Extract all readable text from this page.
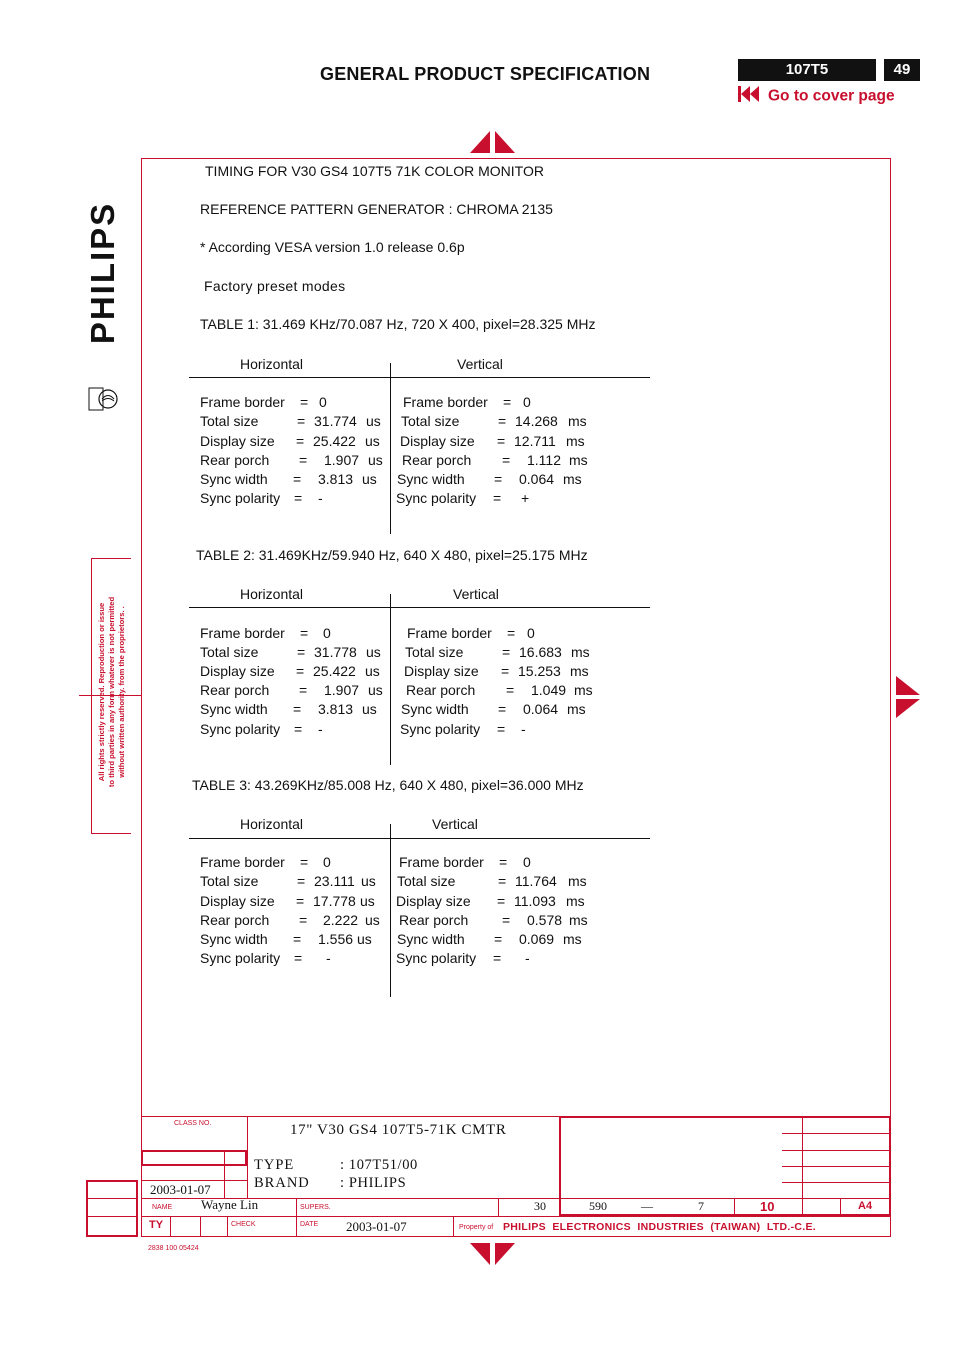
GENERAL PRODUCT SPECIFICATION	107T5	49
Go to cover page
PHILIPS
All rights strictly reserved. Reproduction or issue to third parties in any form whatever is not permitted without written authority. from the proprietors. .
TIMING FOR V30 GS4 107T5 71K COLOR MONITOR
REFERENCE PATTERN GENERATOR : CHROMA 2135
* According VESA version 1.0 release 0.6p
Factory preset modes
TABLE 1: 31.469 KHz/70.087 Hz, 720 X 400, pixel=28.325 MHz
Horizontal	Vertical
Frame border = 0	Frame border = 0
Total size	= 31.774 us Total size	= 14.268 ms
Display size = 25.422 us Display size = 12.711 ms
Rear porch = 1.907 us Rear porch = 1.112 ms
Sync width = 3.813 us Sync width = 0.064 ms
Sync polarity = -	Sync polarity = +
TABLE 2: 31.469KHz/59.940 Hz, 640 X 480, pixel=25.175 MHz
Horizontal	Vertical
Frame border = 0	Frame border = 0
Total size	= 31.778 us Total size	= 16.683 ms
Display size = 25.422 us Display size = 15.253 ms
Rear porch = 1.907 us Rear porch = 1.049 ms
Sync width = 3.813 us Sync width = 0.064 ms
Sync polarity = -	Sync polarity = -
TABLE 3: 43.269KHz/85.008 Hz, 640 X 480, pixel=36.000 MHz
Horizontal	Vertical
Frame border = 0	Frame border = 0
Total size	= 23.111 us Total size	= 11.764 ms
Display size = 17.778 us Display size = 11.093 ms
Rear porch = 2.222 us Rear porch = 0.578 ms
Sync width = 1.556 us Sync width = 0.069 ms
Sync polarity = -	Sync polarity = -
CLASS NO.	17" V30 GS4 107T5-71K CMTR
TYPE	: 107T51/00
BRAND : PHILIPS
2003-01-07
NAME Wayne Lin	SUPERS.	30	590	—	7	10	A4
TY	CHECK	DATE 2003-01-07	Property of PHILIPS  ELECTRONICS  INDUSTRIES  (TAIWAN)  LTD.-C.E.
2838 100 05424
